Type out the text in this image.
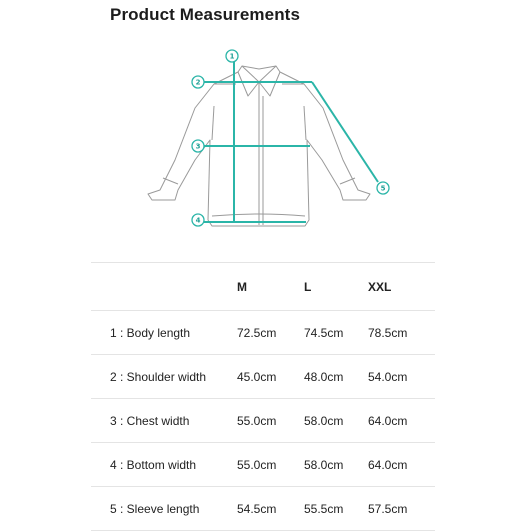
Product Measurements
1
2
3
4
5
M	L	XXL
1 : Body length	72.5cm	74.5cm	78.5cm
2 : Shoulder width	45.0cm	48.0cm	54.0cm
3 : Chest width	55.0cm	58.0cm	64.0cm
4 : Bottom width	55.0cm	58.0cm	64.0cm
5 : Sleeve length	54.5cm	55.5cm	57.5cm
